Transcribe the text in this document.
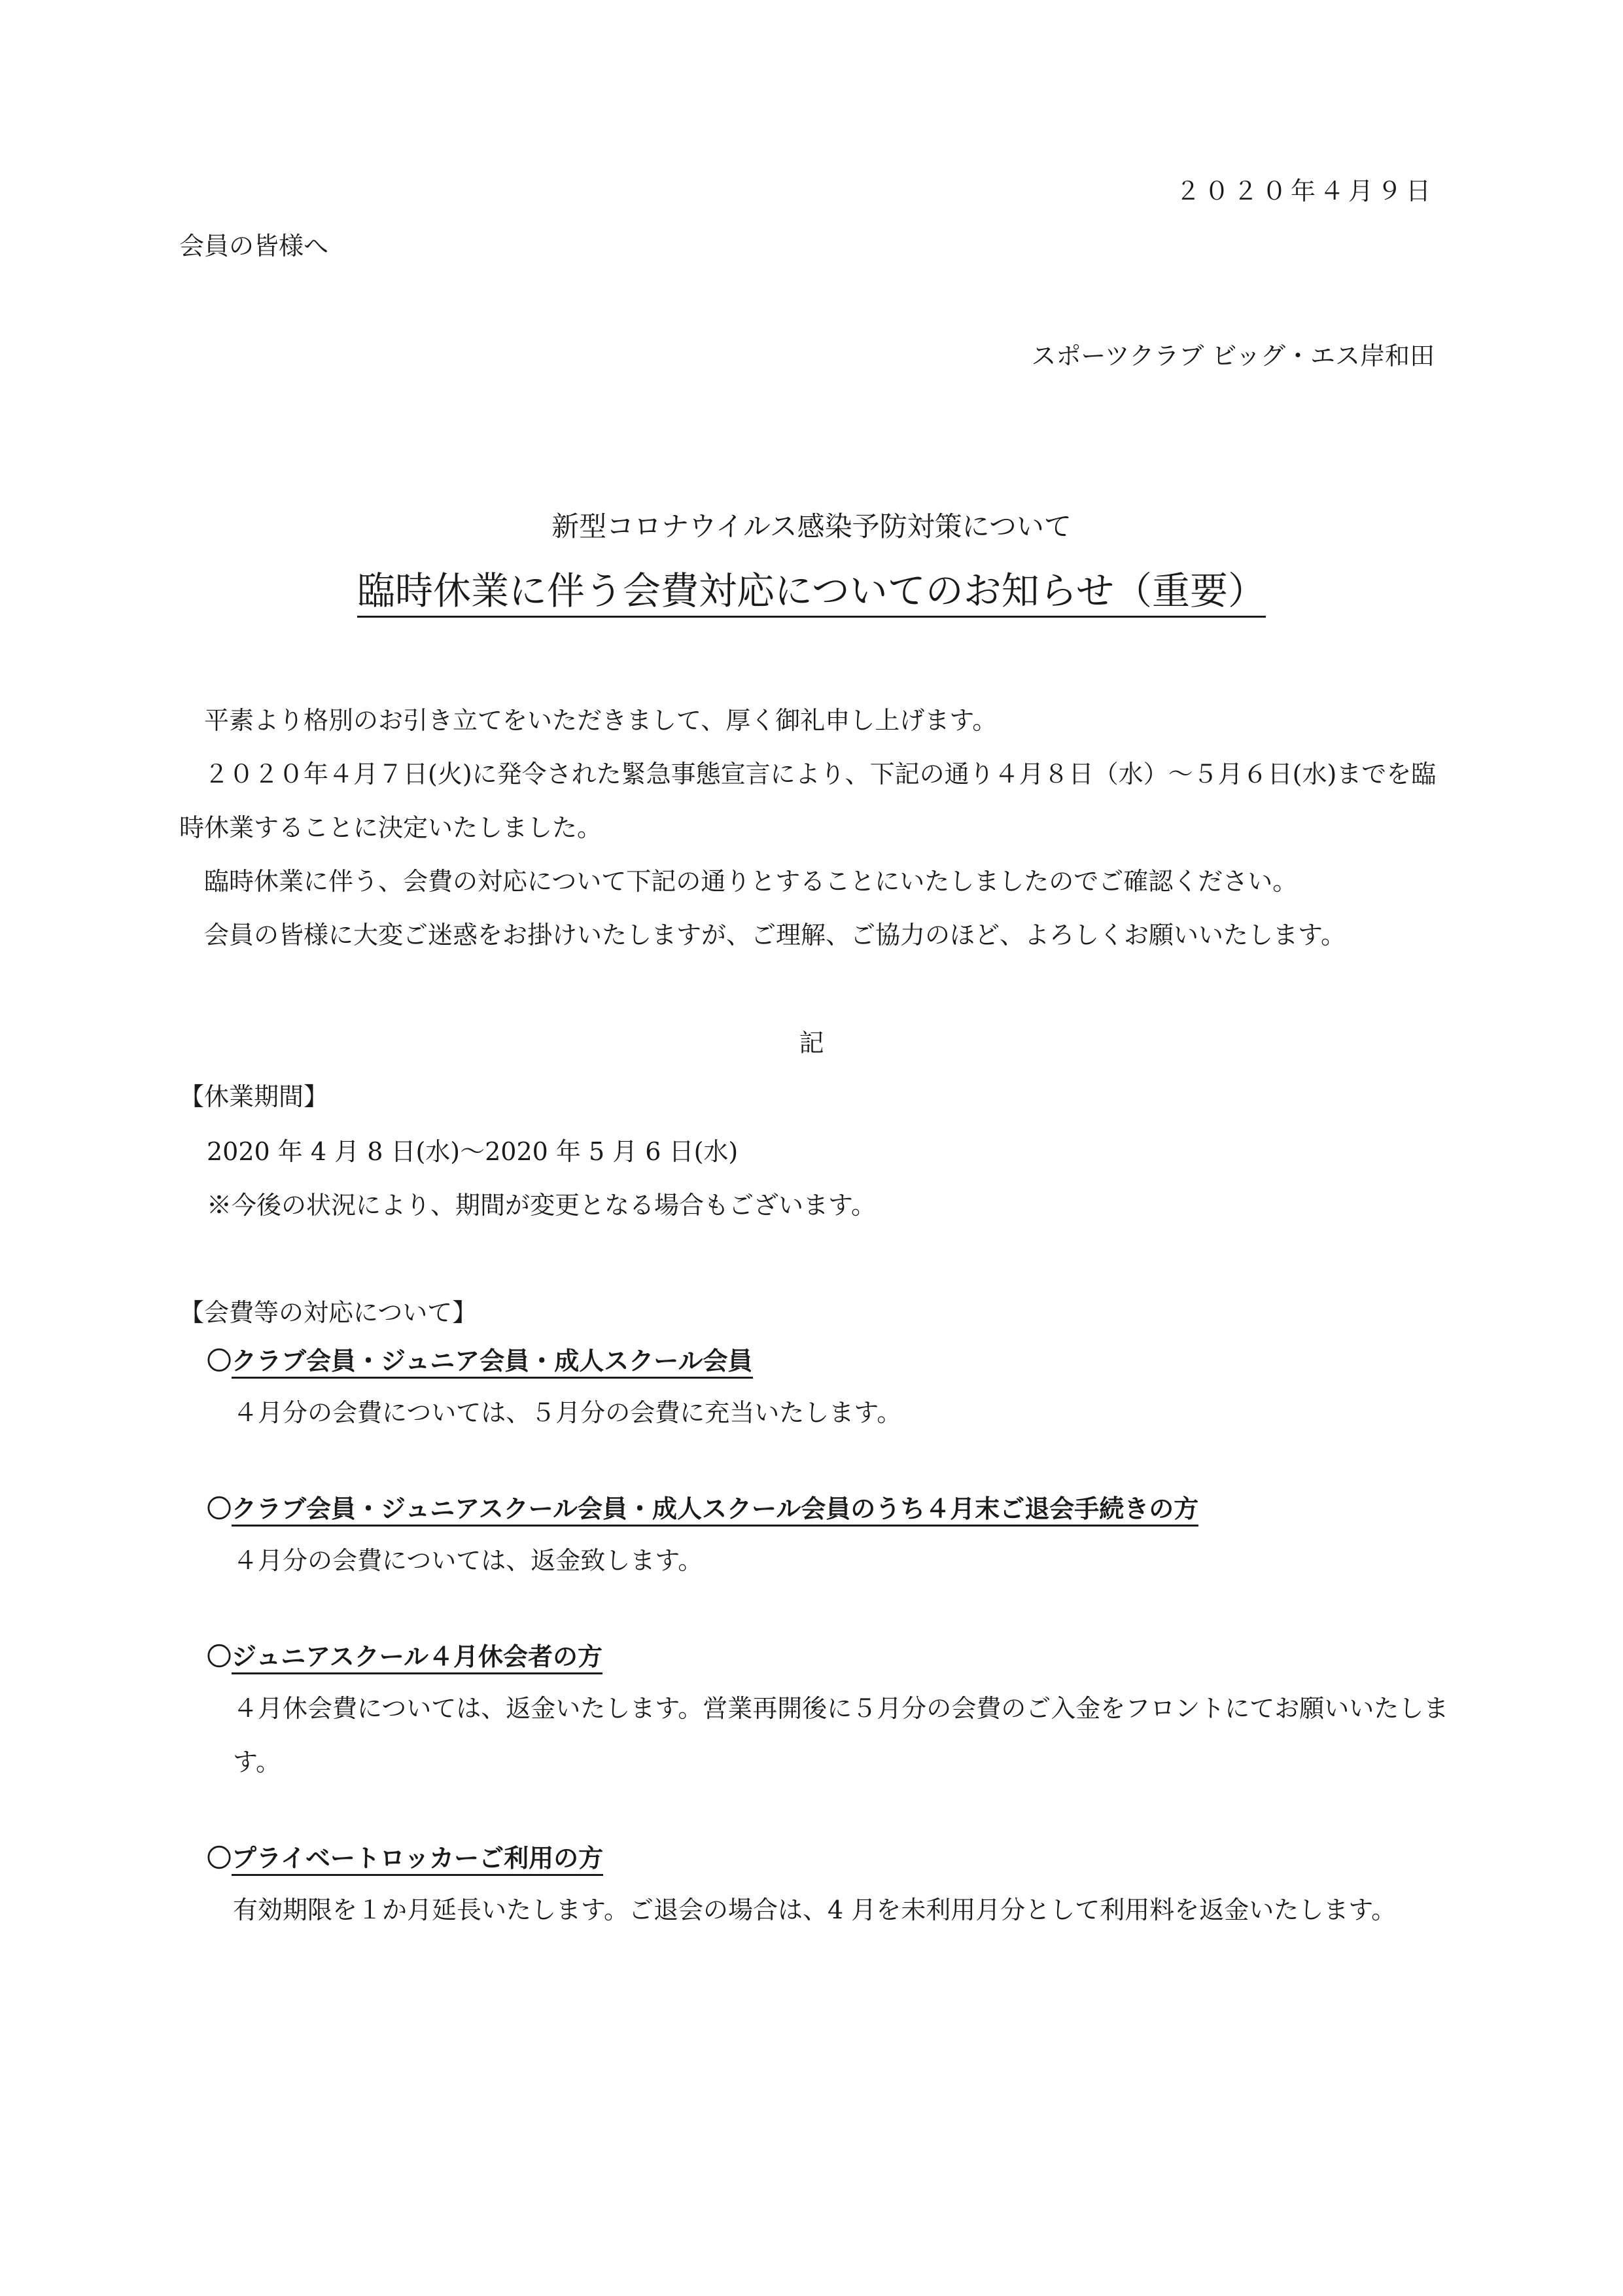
２０２０年４月９日
会員の皆様へ
スポーツクラブ ビッグ・エス岸和田
新型コロナウイルス感染予防対策について
臨時休業に伴う会費対応についてのお知らせ（重要）
平素より格別のお引き立てをいただきまして、厚く御礼申し上げます。
２０２０年４月７日(火)に発令された緊急事態宣言により、下記の通り４月８日（水）～５月６日(水)までを臨時休業することに決定いたしました。
臨時休業に伴う、会費の対応について下記の通りとすることにいたしましたのでご確認ください。
会員の皆様に大変ご迷惑をお掛けいたしますが、ご理解、ご協力のほど、よろしくお願いいたします。
記
【休業期間】
2020 年 4 月 8 日(水)～2020 年 5 月 6 日(水)
※今後の状況により、期間が変更となる場合もございます。
【会費等の対応について】
〇クラブ会員・ジュニア会員・成人スクール会員
４月分の会費については、５月分の会費に充当いたします。
〇クラブ会員・ジュニアスクール会員・成人スクール会員のうち４月末ご退会手続きの方
４月分の会費については、返金致します。
〇ジュニアスクール４月休会者の方
４月休会費については、返金いたします。営業再開後に５月分の会費のご入金をフロントにてお願いいたします。
〇プライベートロッカーご利用の方
有効期限を１か月延長いたします。ご退会の場合は、4 月を未利用月分として利用料を返金いたします。
